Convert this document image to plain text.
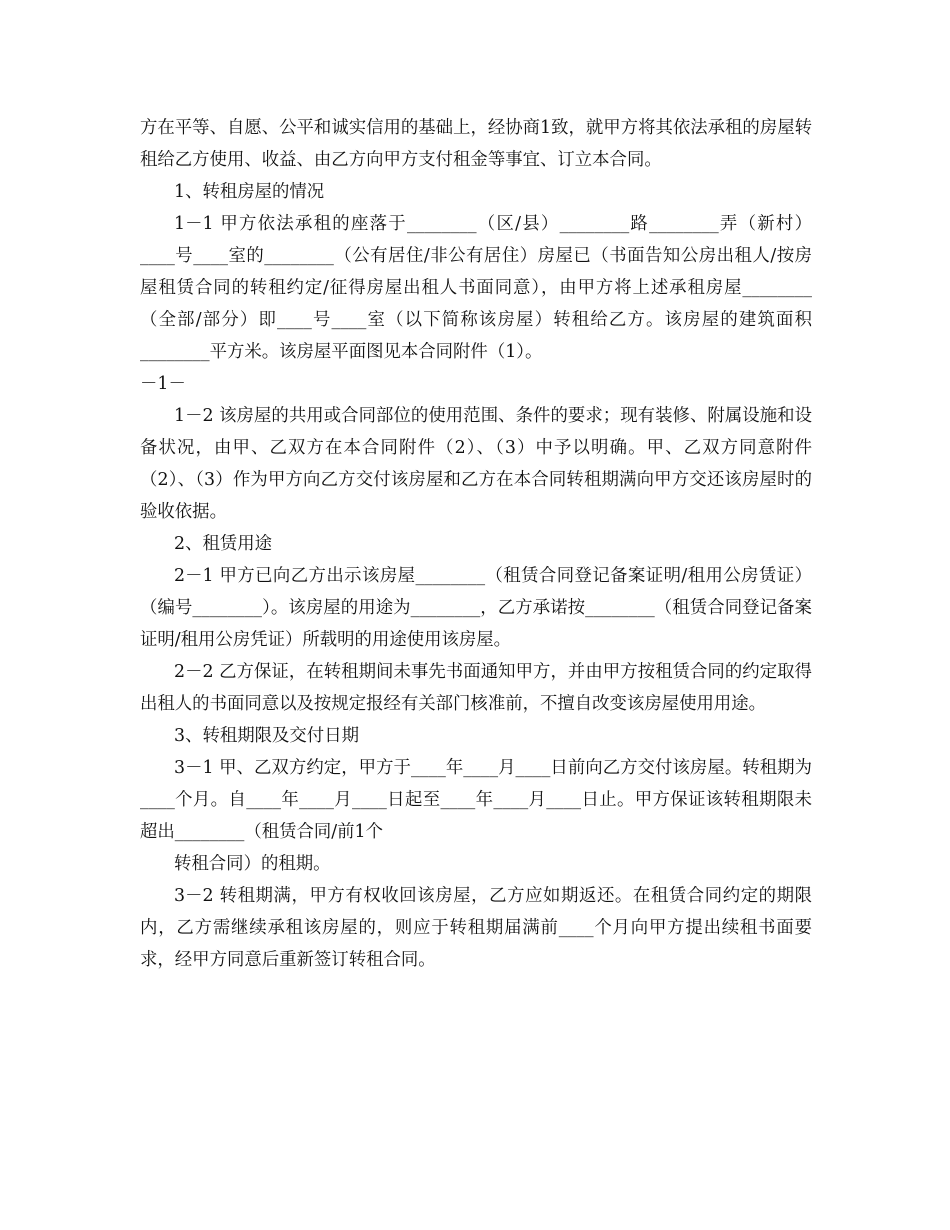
方在平等、自愿、公平和诚实信用的基础上，经协商1致，就甲方将其依法承租的房屋转租给乙方使用、收益、由乙方向甲方支付租金等事宜、订立本合同。

1、转租房屋的情况

1－1 甲方依法承租的座落于________（区/县）________路________弄（新村）____号____室的________（公有居住/非公有居住）房屋已（书面告知公房出租人/按房屋租赁合同的转租约定/征得房屋出租人书面同意），由甲方将上述承租房屋________（全部/部分）即____号____室（以下简称该房屋）转租给乙方。该房屋的建筑面积________平方米。该房屋平面图见本合同附件（1）。

－1－

1－2 该房屋的共用或合同部位的使用范围、条件的要求；现有装修、附属设施和设备状况，由甲、乙双方在本合同附件（2）、（3）中予以明确。甲、乙双方同意附件（2）、（3）作为甲方向乙方交付该房屋和乙方在本合同转租期满向甲方交还该房屋时的验收依据。

2、租赁用途

2－1 甲方已向乙方出示该房屋________（租赁合同登记备案证明/租用公房赁证）（编号________）。该房屋的用途为________，乙方承诺按________（租赁合同登记备案证明/租用公房凭证）所载明的用途使用该房屋。

2－2 乙方保证，在转租期间未事先书面通知甲方，并由甲方按租赁合同的约定取得出租人的书面同意以及按规定报经有关部门核准前，不擅自改变该房屋使用用途。

3、转租期限及交付日期

3－1 甲、乙双方约定，甲方于____年____月____日前向乙方交付该房屋。转租期为____个月。自____年____月____日起至____年____月____日止。甲方保证该转租期限未超出________（租赁合同/前1个

转租合同）的租期。

3－2 转租期满，甲方有权收回该房屋，乙方应如期返还。在租赁合同约定的期限内，乙方需继续承租该房屋的，则应于转租期届满前____个月向甲方提出续租书面要求，经甲方同意后重新签订转租合同。
